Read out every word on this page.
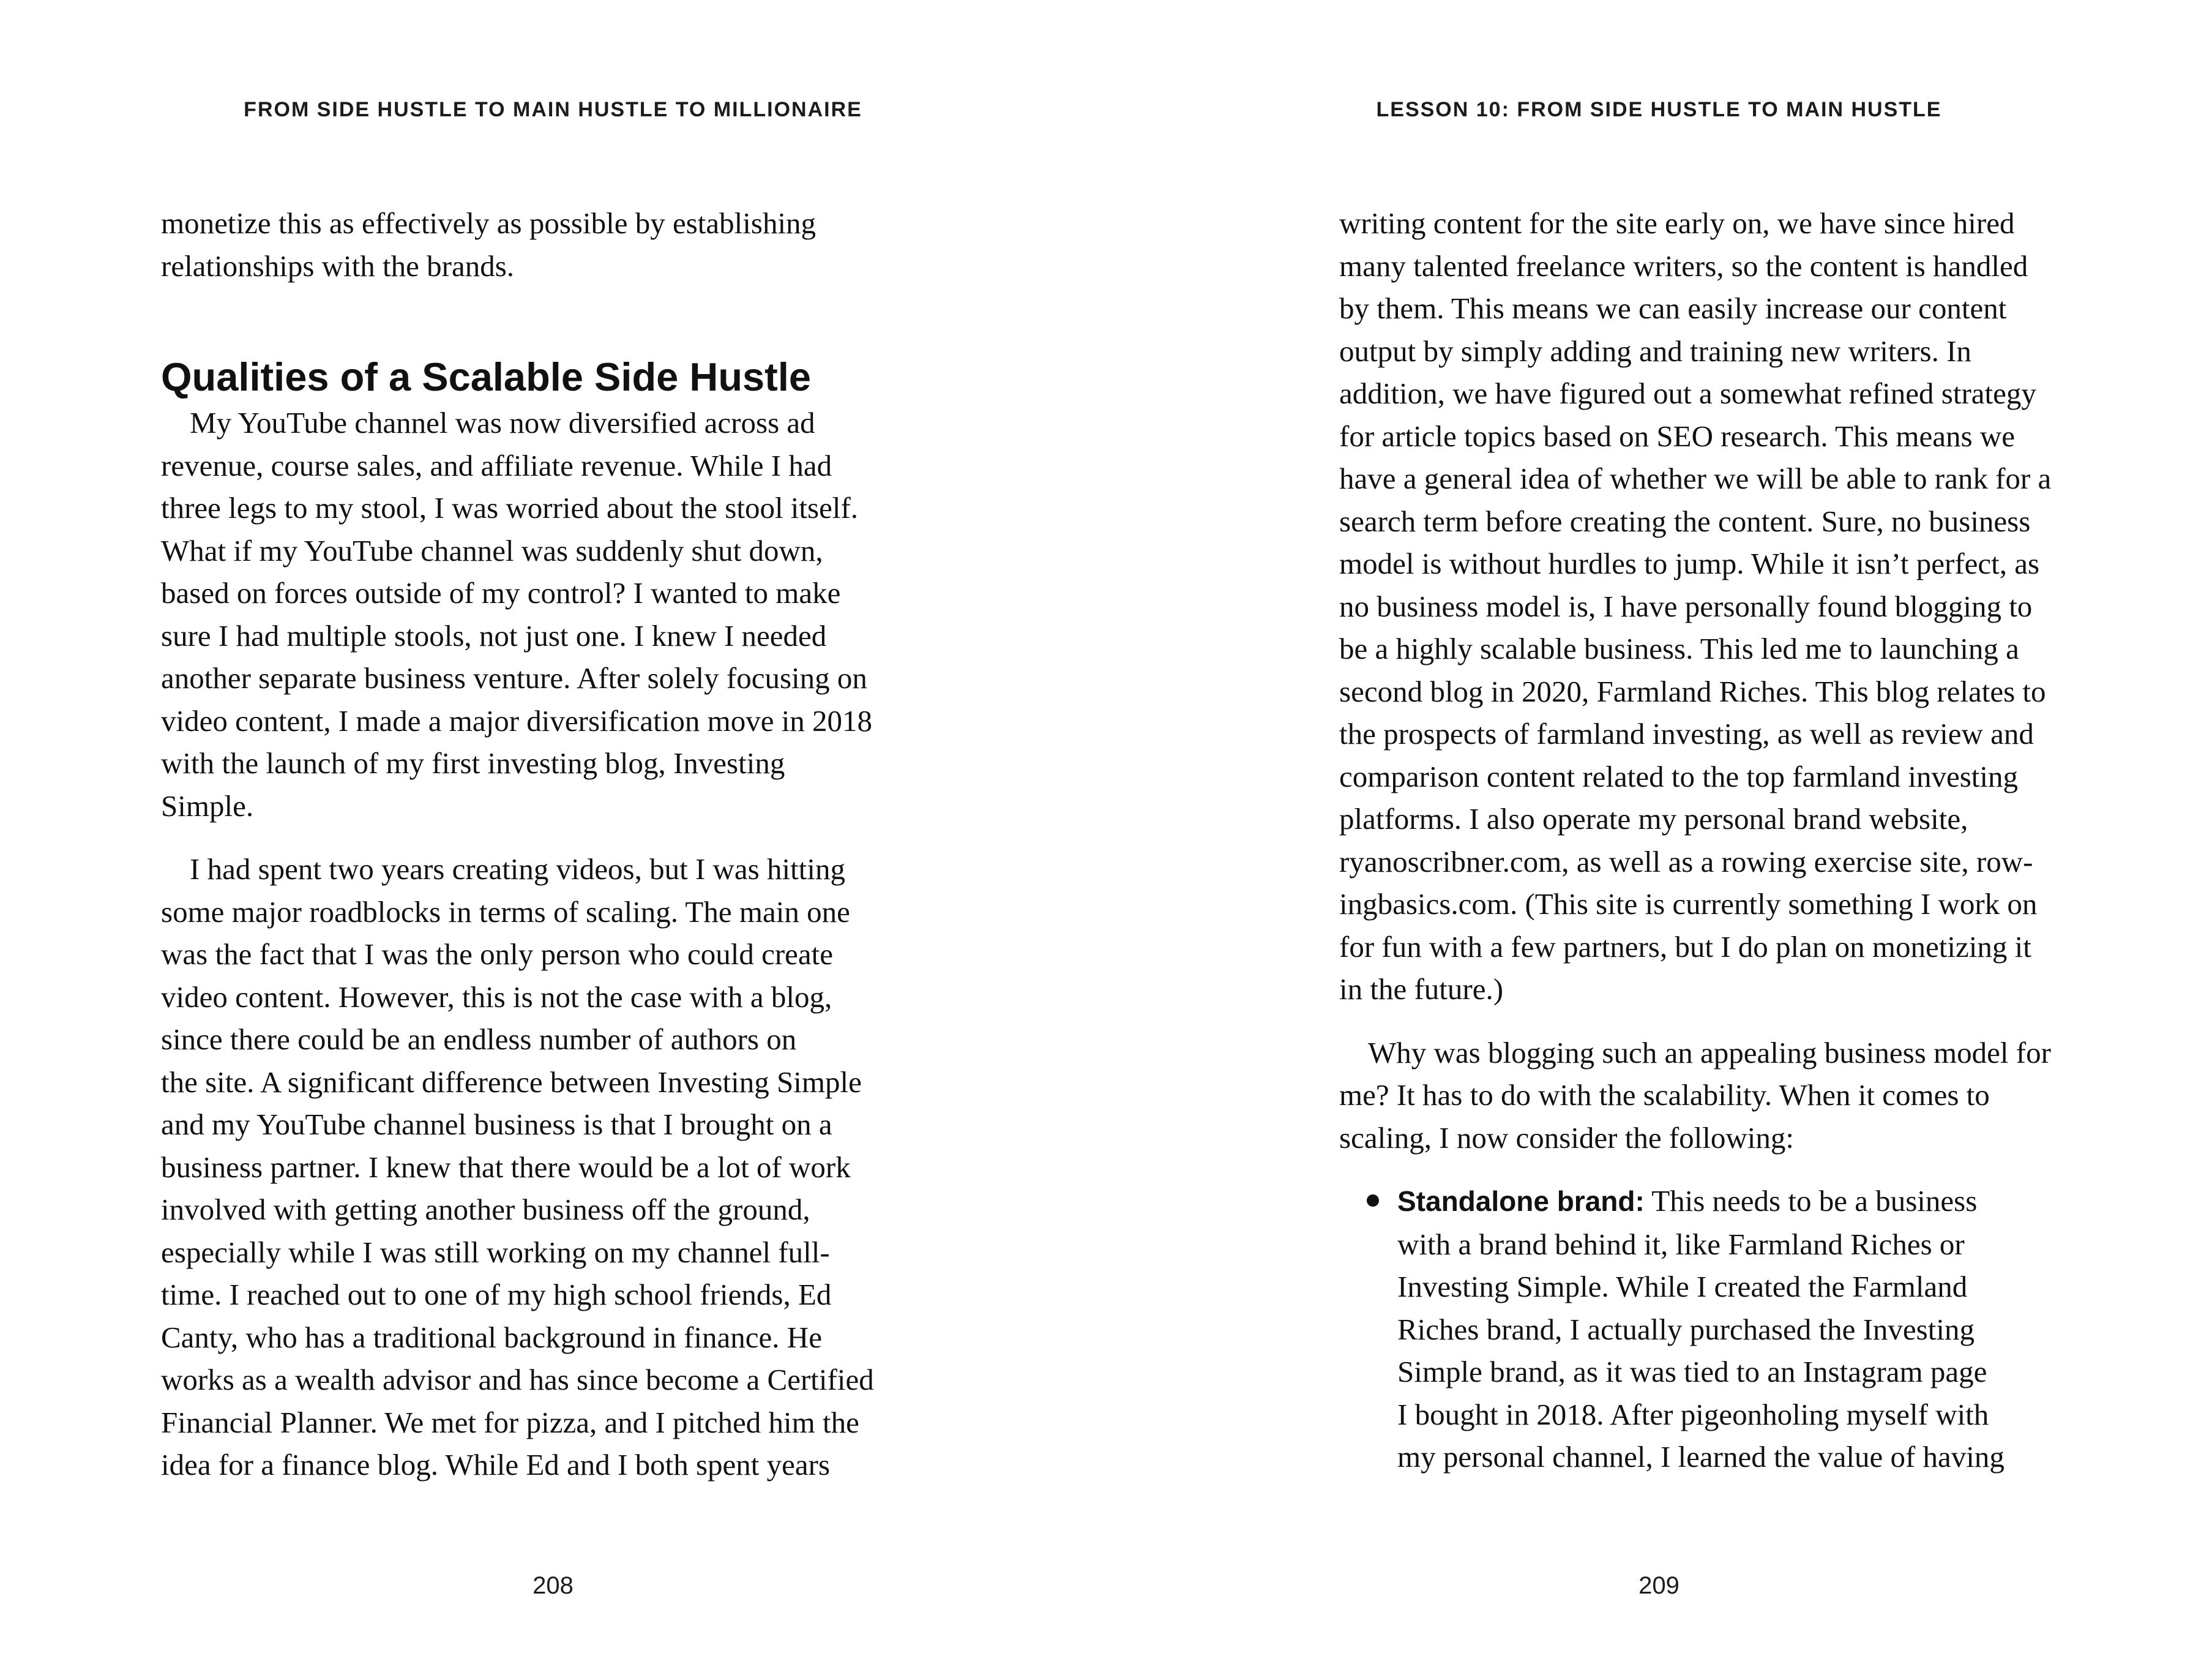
FROM SIDE HUSTLE TO MAIN HUSTLE TO MILLIONAIRE
monetize this as effectively as possible by establishing
relationships with the brands.
Qualities of a Scalable Side Hustle
My YouTube channel was now diversified across ad
revenue, course sales, and affiliate revenue. While I had
three legs to my stool, I was worried about the stool itself.
What if my YouTube channel was suddenly shut down,
based on forces outside of my control? I wanted to make
sure I had multiple stools, not just one. I knew I needed
another separate business venture. After solely focusing on
video content, I made a major diversification move in 2018
with the launch of my first investing blog, Investing
Simple.
I had spent two years creating videos, but I was hitting
some major roadblocks in terms of scaling. The main one
was the fact that I was the only person who could create
video content. However, this is not the case with a blog,
since there could be an endless number of authors on
the site. A significant difference between Investing Simple
and my YouTube channel business is that I brought on a
business partner. I knew that there would be a lot of work
involved with getting another business off the ground,
especially while I was still working on my channel full-
time. I reached out to one of my high school friends, Ed
Canty, who has a traditional background in finance. He
works as a wealth advisor and has since become a Certified
Financial Planner. We met for pizza, and I pitched him the
idea for a finance blog. While Ed and I both spent years
208
LESSON 10: FROM SIDE HUSTLE TO MAIN HUSTLE
writing content for the site early on, we have since hired
many talented freelance writers, so the content is handled
by them. This means we can easily increase our content
output by simply adding and training new writers. In
addition, we have figured out a somewhat refined strategy
for article topics based on SEO research. This means we
have a general idea of whether we will be able to rank for a
search term before creating the content. Sure, no business
model is without hurdles to jump. While it isn’t perfect, as
no business model is, I have personally found blogging to
be a highly scalable business. This led me to launching a
second blog in 2020, Farmland Riches. This blog relates to
the prospects of farmland investing, as well as review and
comparison content related to the top farmland investing
platforms. I also operate my personal brand website,
ryanoscribner.com, as well as a rowing exercise site, row-
ingbasics.com. (This site is currently something I work on
for fun with a few partners, but I do plan on monetizing it
in the future.)
Why was blogging such an appealing business model for
me? It has to do with the scalability. When it comes to
scaling, I now consider the following:
Standalone brand: This needs to be a business
with a brand behind it, like Farmland Riches or
Investing Simple. While I created the Farmland
Riches brand, I actually purchased the Investing
Simple brand, as it was tied to an Instagram page
I bought in 2018. After pigeonholing myself with
my personal channel, I learned the value of having
209
